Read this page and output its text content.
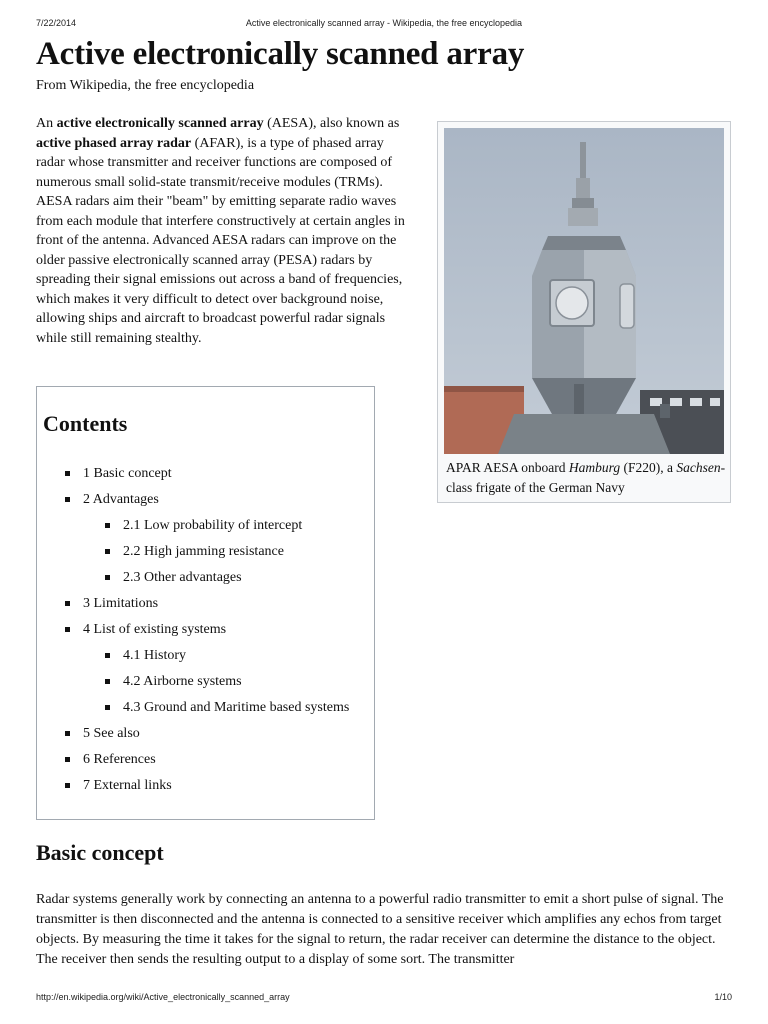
7/22/2014	Active electronically scanned array - Wikipedia, the free encyclopedia
Active electronically scanned array
From Wikipedia, the free encyclopedia

An active electronically scanned array (AESA), also known as active phased array radar (AFAR), is a type of phased array radar whose transmitter and receiver functions are composed of numerous small solid-state transmit/receive modules (TRMs). AESA radars aim their "beam" by emitting separate radio waves from each module that interfere constructively at certain angles in front of the antenna. Advanced AESA radars can improve on the older passive electronically scanned array (PESA) radars by spreading their signal emissions out across a band of frequencies, which makes it very difficult to detect over background noise, allowing ships and aircraft to broadcast powerful radar signals while still remaining stealthy.

APAR AESA onboard Hamburg (F220), a Sachsen-class frigate of the German Navy
Contents
1 Basic concept
2 Advantages
2.1 Low probability of intercept
2.2 High jamming resistance
2.3 Other advantages
3 Limitations
4 List of existing systems
4.1 History
4.2 Airborne systems
4.3 Ground and Maritime based systems
5 See also
6 References
7 External links
Basic concept

Radar systems generally work by connecting an antenna to a powerful radio transmitter to emit a short pulse of signal. The transmitter is then disconnected and the antenna is connected to a sensitive receiver which amplifies any echos from target objects. By measuring the time it takes for the signal to return, the radar receiver can determine the distance to the object. The receiver then sends the resulting output to a display of some sort. The transmitter

http://en.wikipedia.org/wiki/Active_electronically_scanned_array	1/10
